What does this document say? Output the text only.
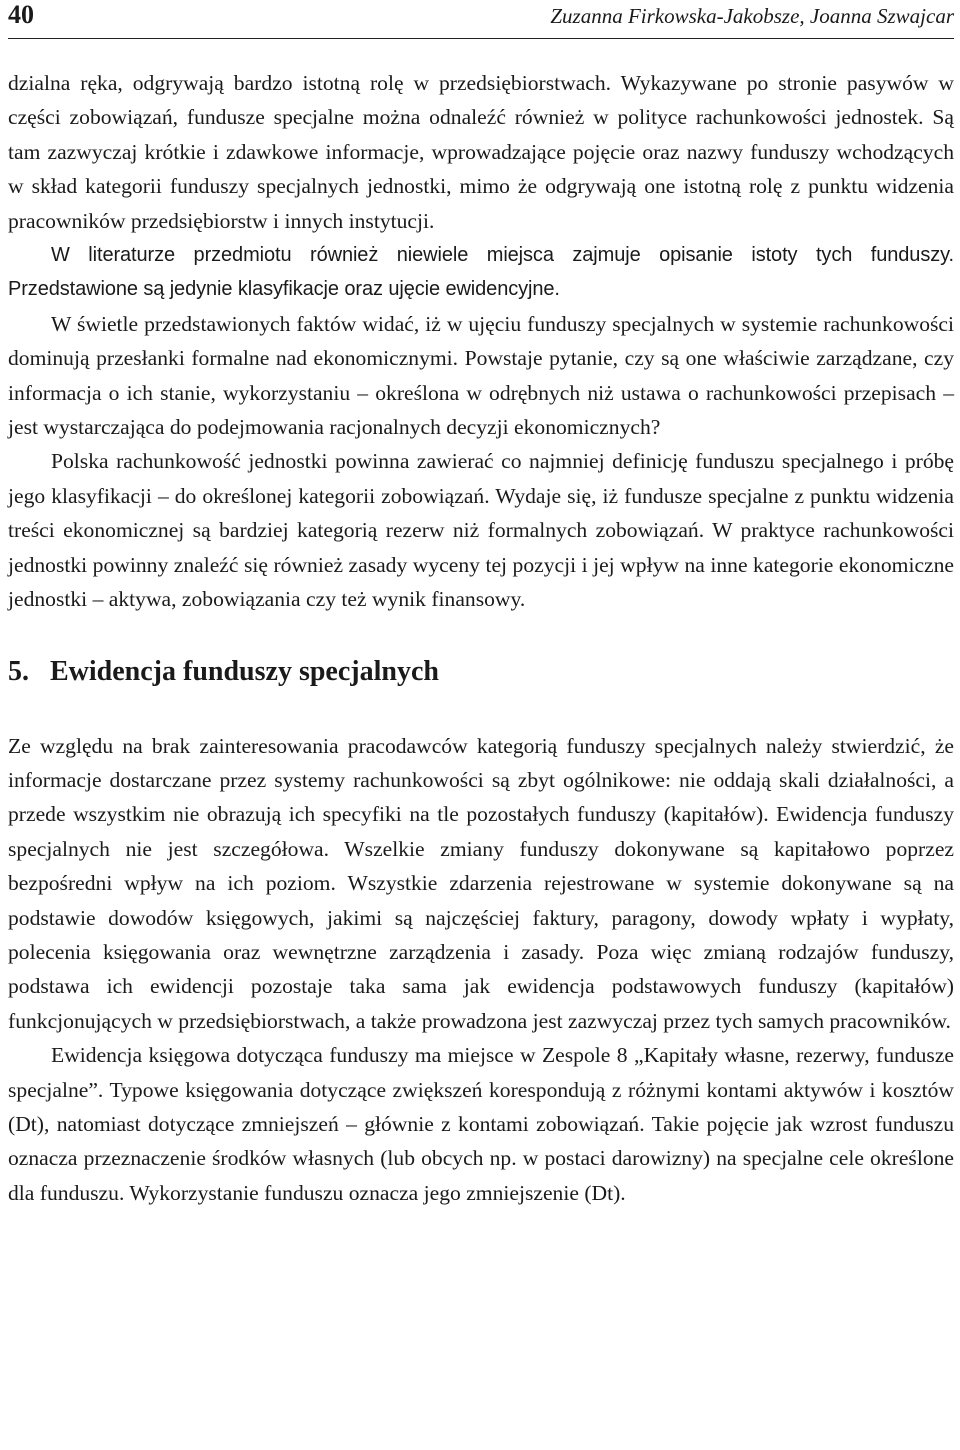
40	Zuzanna Firkowska-Jakobsze, Joanna Szwajcar

dzialna ręka, odgrywają bardzo istotną rolę w przedsiębiorstwach. Wykazywane po stronie pasywów w części zobowiązań, fundusze specjalne można odnaleźć również w polityce rachunkowości jednostek. Są tam zazwyczaj krótkie i zdawkowe informacje, wprowadzające pojęcie oraz nazwy funduszy wchodzących w skład kategorii funduszy specjalnych jednostki, mimo że odgrywają one istotną rolę z punktu widzenia pracowników przedsiębiorstw i innych instytucji.

W literaturze przedmiotu również niewiele miejsca zajmuje opisanie istoty tych funduszy. Przedstawione są jedynie klasyfikacje oraz ujęcie ewidencyjne.

W świetle przedstawionych faktów widać, iż w ujęciu funduszy specjalnych w systemie rachunkowości dominują przesłanki formalne nad ekonomicznymi. Powstaje pytanie, czy są one właściwie zarządzane, czy informacja o ich stanie, wykorzystaniu – określona w odrębnych niż ustawa o rachunkowości przepisach – jest wystarczająca do podejmowania racjonalnych decyzji ekonomicznych?

Polska rachunkowość jednostki powinna zawierać co najmniej definicję funduszu specjalnego i próbę jego klasyfikacji – do określonej kategorii zobowiązań. Wydaje się, iż fundusze specjalne z punktu widzenia treści ekonomicznej są bardziej kategorią rezerw niż formalnych zobowiązań. W praktyce rachunkowości jednostki powinny znaleźć się również zasady wyceny tej pozycji i jej wpływ na inne kategorie ekonomiczne jednostki – aktywa, zobowiązania czy też wynik finansowy.

5. Ewidencja funduszy specjalnych

Ze względu na brak zainteresowania pracodawców kategorią funduszy specjalnych należy stwierdzić, że informacje dostarczane przez systemy rachunkowości są zbyt ogólnikowe: nie oddają skali działalności, a przede wszystkim nie obrazują ich specyfiki na tle pozostałych funduszy (kapitałów). Ewidencja funduszy specjalnych nie jest szczegółowa. Wszelkie zmiany funduszy dokonywane są kapitałowo poprzez bezpośredni wpływ na ich poziom. Wszystkie zdarzenia rejestrowane w systemie dokonywane są na podstawie dowodów księgowych, jakimi są najczęściej faktury, paragony, dowody wpłaty i wypłaty, polecenia księgowania oraz wewnętrzne zarządzenia i zasady. Poza więc zmianą rodzajów funduszy, podstawa ich ewidencji pozostaje taka sama jak ewidencja podstawowych funduszy (kapitałów) funkcjonujących w przedsiębiorstwach, a także prowadzona jest zazwyczaj przez tych samych pracowników.

Ewidencja księgowa dotycząca funduszy ma miejsce w Zespole 8 „Kapitały własne, rezerwy, fundusze specjalne”. Typowe księgowania dotyczące zwiększeń korespondują z różnymi kontami aktywów i kosztów (Dt), natomiast dotyczące zmniejszeń – głównie z kontami zobowiązań. Takie pojęcie jak wzrost funduszu oznacza przeznaczenie środków własnych (lub obcych np. w postaci darowizny) na specjalne cele określone dla funduszu. Wykorzystanie funduszu oznacza jego zmniejszenie (Dt).
